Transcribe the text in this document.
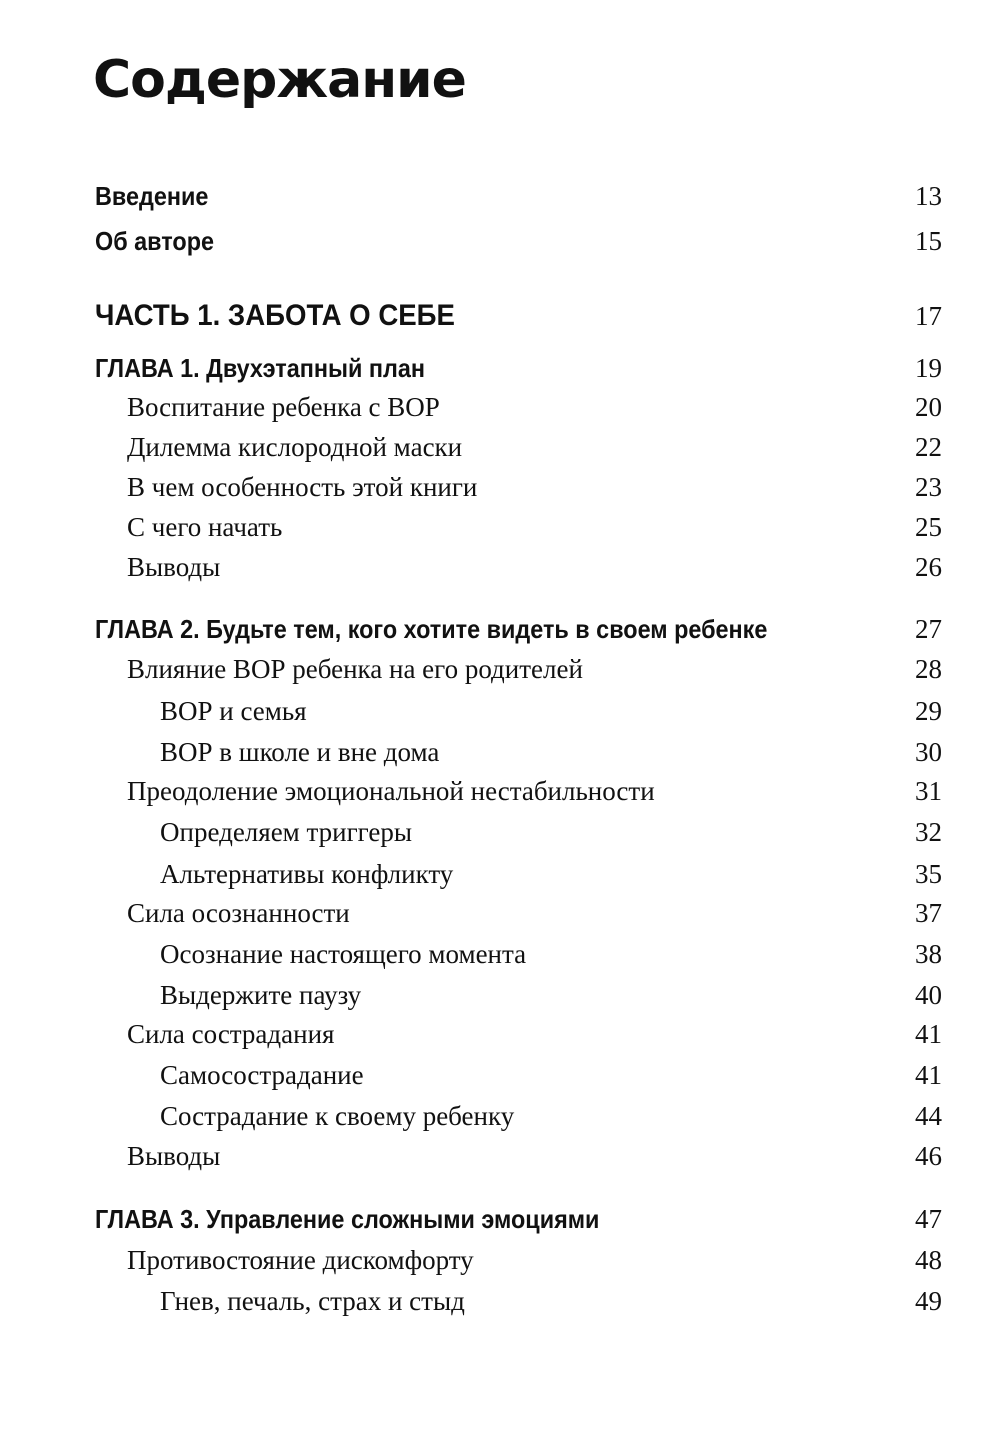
Содержание
Введение	13
Об авторе	15
ЧАСТЬ 1. ЗАБОТА О СЕБЕ	17
ГЛАВА 1. Двухэтапный план	19
Воспитание ребенка с ВОР	20
Дилемма кислородной маски	22
В чем особенность этой книги	23
С чего начать	25
Выводы	26
ГЛАВА 2. Будьте тем, кого хотите видеть в своем ребенке	27
Влияние ВОР ребенка на его родителей	28
ВОР и семья	29
ВОР в школе и вне дома	30
Преодоление эмоциональной нестабильности	31
Определяем триггеры	32
Альтернативы конфликту	35
Сила осознанности	37
Осознание настоящего момента	38
Выдержите паузу	40
Сила сострадания	41
Самосострадание	41
Сострадание к своему ребенку	44
Выводы	46
ГЛАВА 3. Управление сложными эмоциями	47
Противостояние дискомфорту	48
Гнев, печаль, страх и стыд	49
